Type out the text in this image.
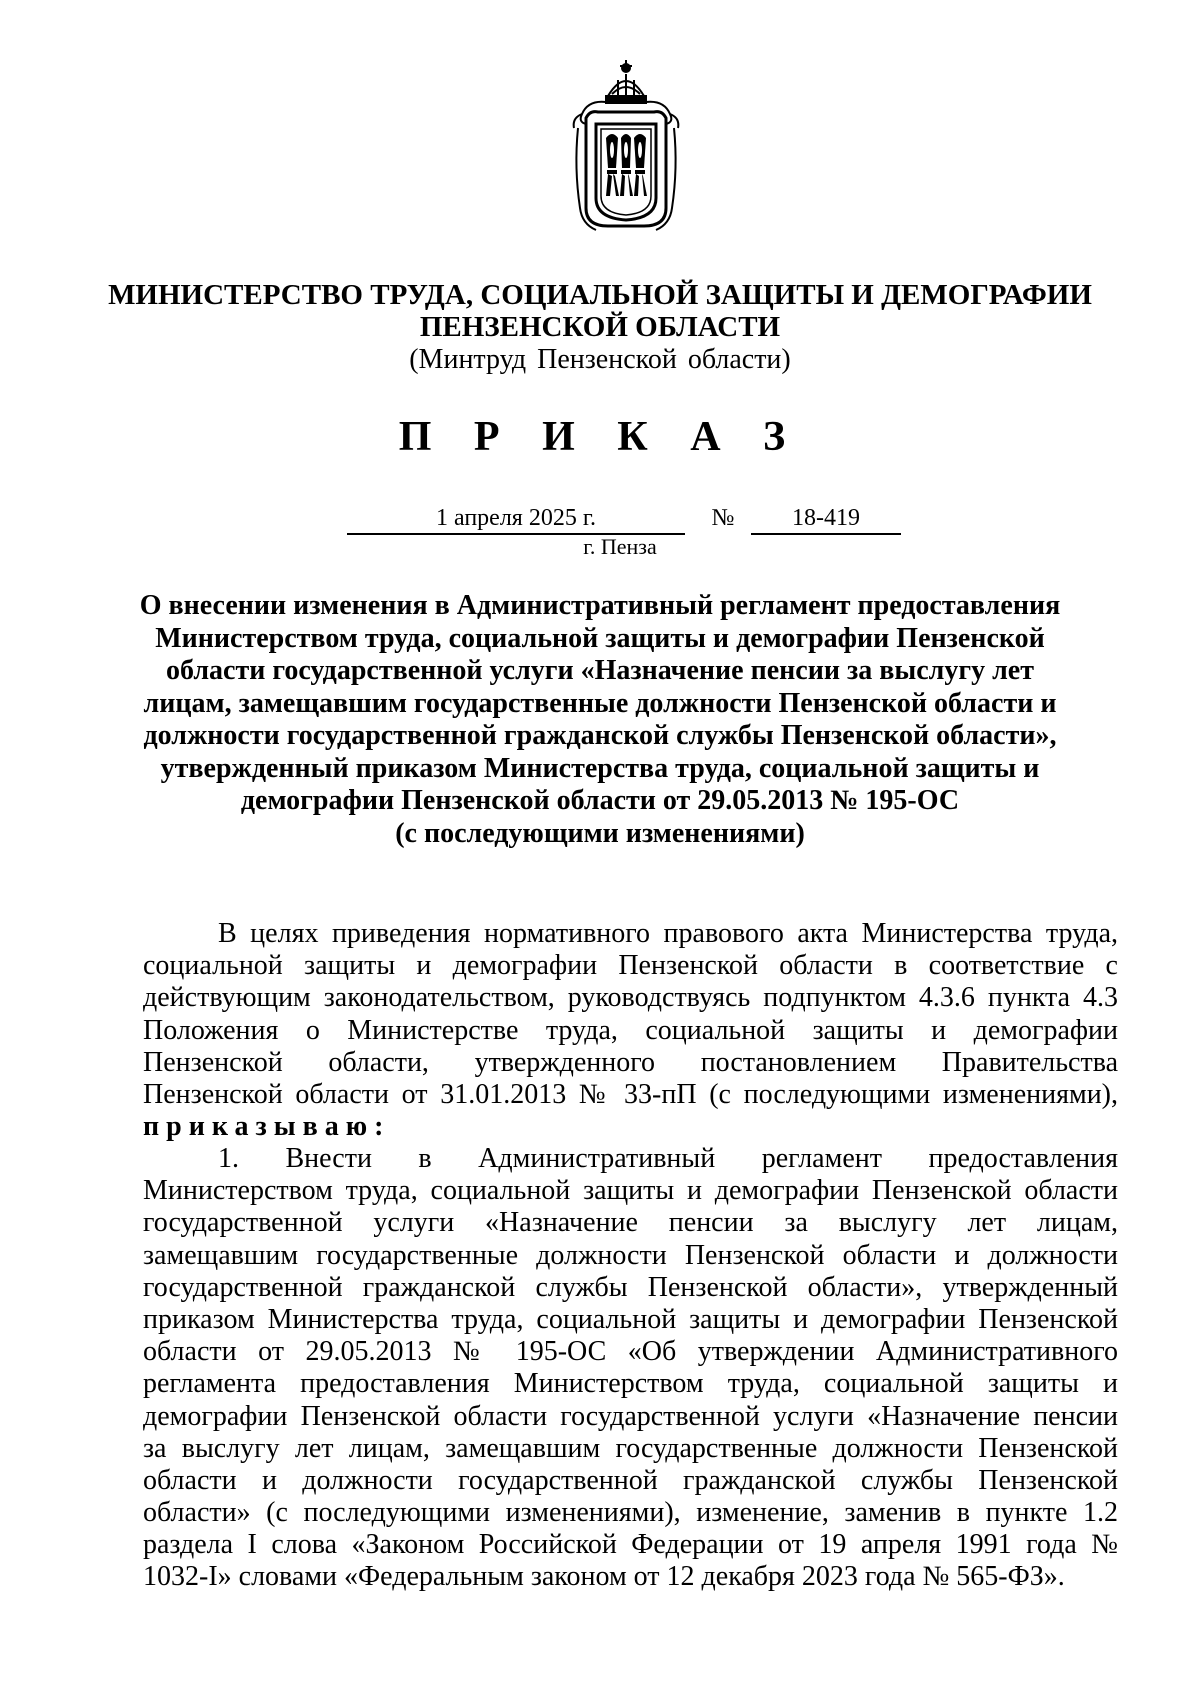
МИНИСТЕРСТВО ТРУДА, СОЦИАЛЬНОЙ ЗАЩИТЫ И ДЕМОГРАФИИ
ПЕНЗЕНСКОЙ ОБЛАСТИ
(Минтруд Пензенской области)
П Р И К А З
1 апреля 2025 г.	№	18-419
г. Пенза
О внесении изменения в Административный регламент предоставления
Министерством труда, социальной защиты и демографии Пензенской
области государственной услуги «Назначение пенсии за выслугу лет
лицам, замещавшим государственные должности Пензенской области и
должности государственной гражданской службы Пензенской области»,
утвержденный приказом Министерства труда, социальной защиты и
демографии Пензенской области от 29.05.2013 № 195-ОС
(с последующими изменениями)
В целях приведения нормативного правового акта Министерства труда,
социальной защиты и демографии Пензенской области в соответствие с
действующим законодательством, руководствуясь подпунктом 4.3.6 пункта 4.3
Положения о Министерстве труда, социальной защиты и демографии
Пензенской области, утвержденного постановлением Правительства
Пензенской области от 31.01.2013 № 33-пП (с последующими изменениями),
приказываю:
1. Внести в Административный регламент предоставления
Министерством труда, социальной защиты и демографии Пензенской области
государственной услуги «Назначение пенсии за выслугу лет лицам,
замещавшим государственные должности Пензенской области и должности
государственной гражданской службы Пензенской области», утвержденный
приказом Министерства труда, социальной защиты и демографии Пензенской
области от 29.05.2013 № 195-ОС «Об утверждении Административного
регламента предоставления Министерством труда, социальной защиты и
демографии Пензенской области государственной услуги «Назначение пенсии
за выслугу лет лицам, замещавшим государственные должности Пензенской
области и должности государственной гражданской службы Пензенской
области» (с последующими изменениями), изменение, заменив в пункте 1.2
раздела I слова «Законом Российской Федерации от 19 апреля 1991 года №
1032-I» словами «Федеральным законом от 12 декабря 2023 года № 565-ФЗ».
